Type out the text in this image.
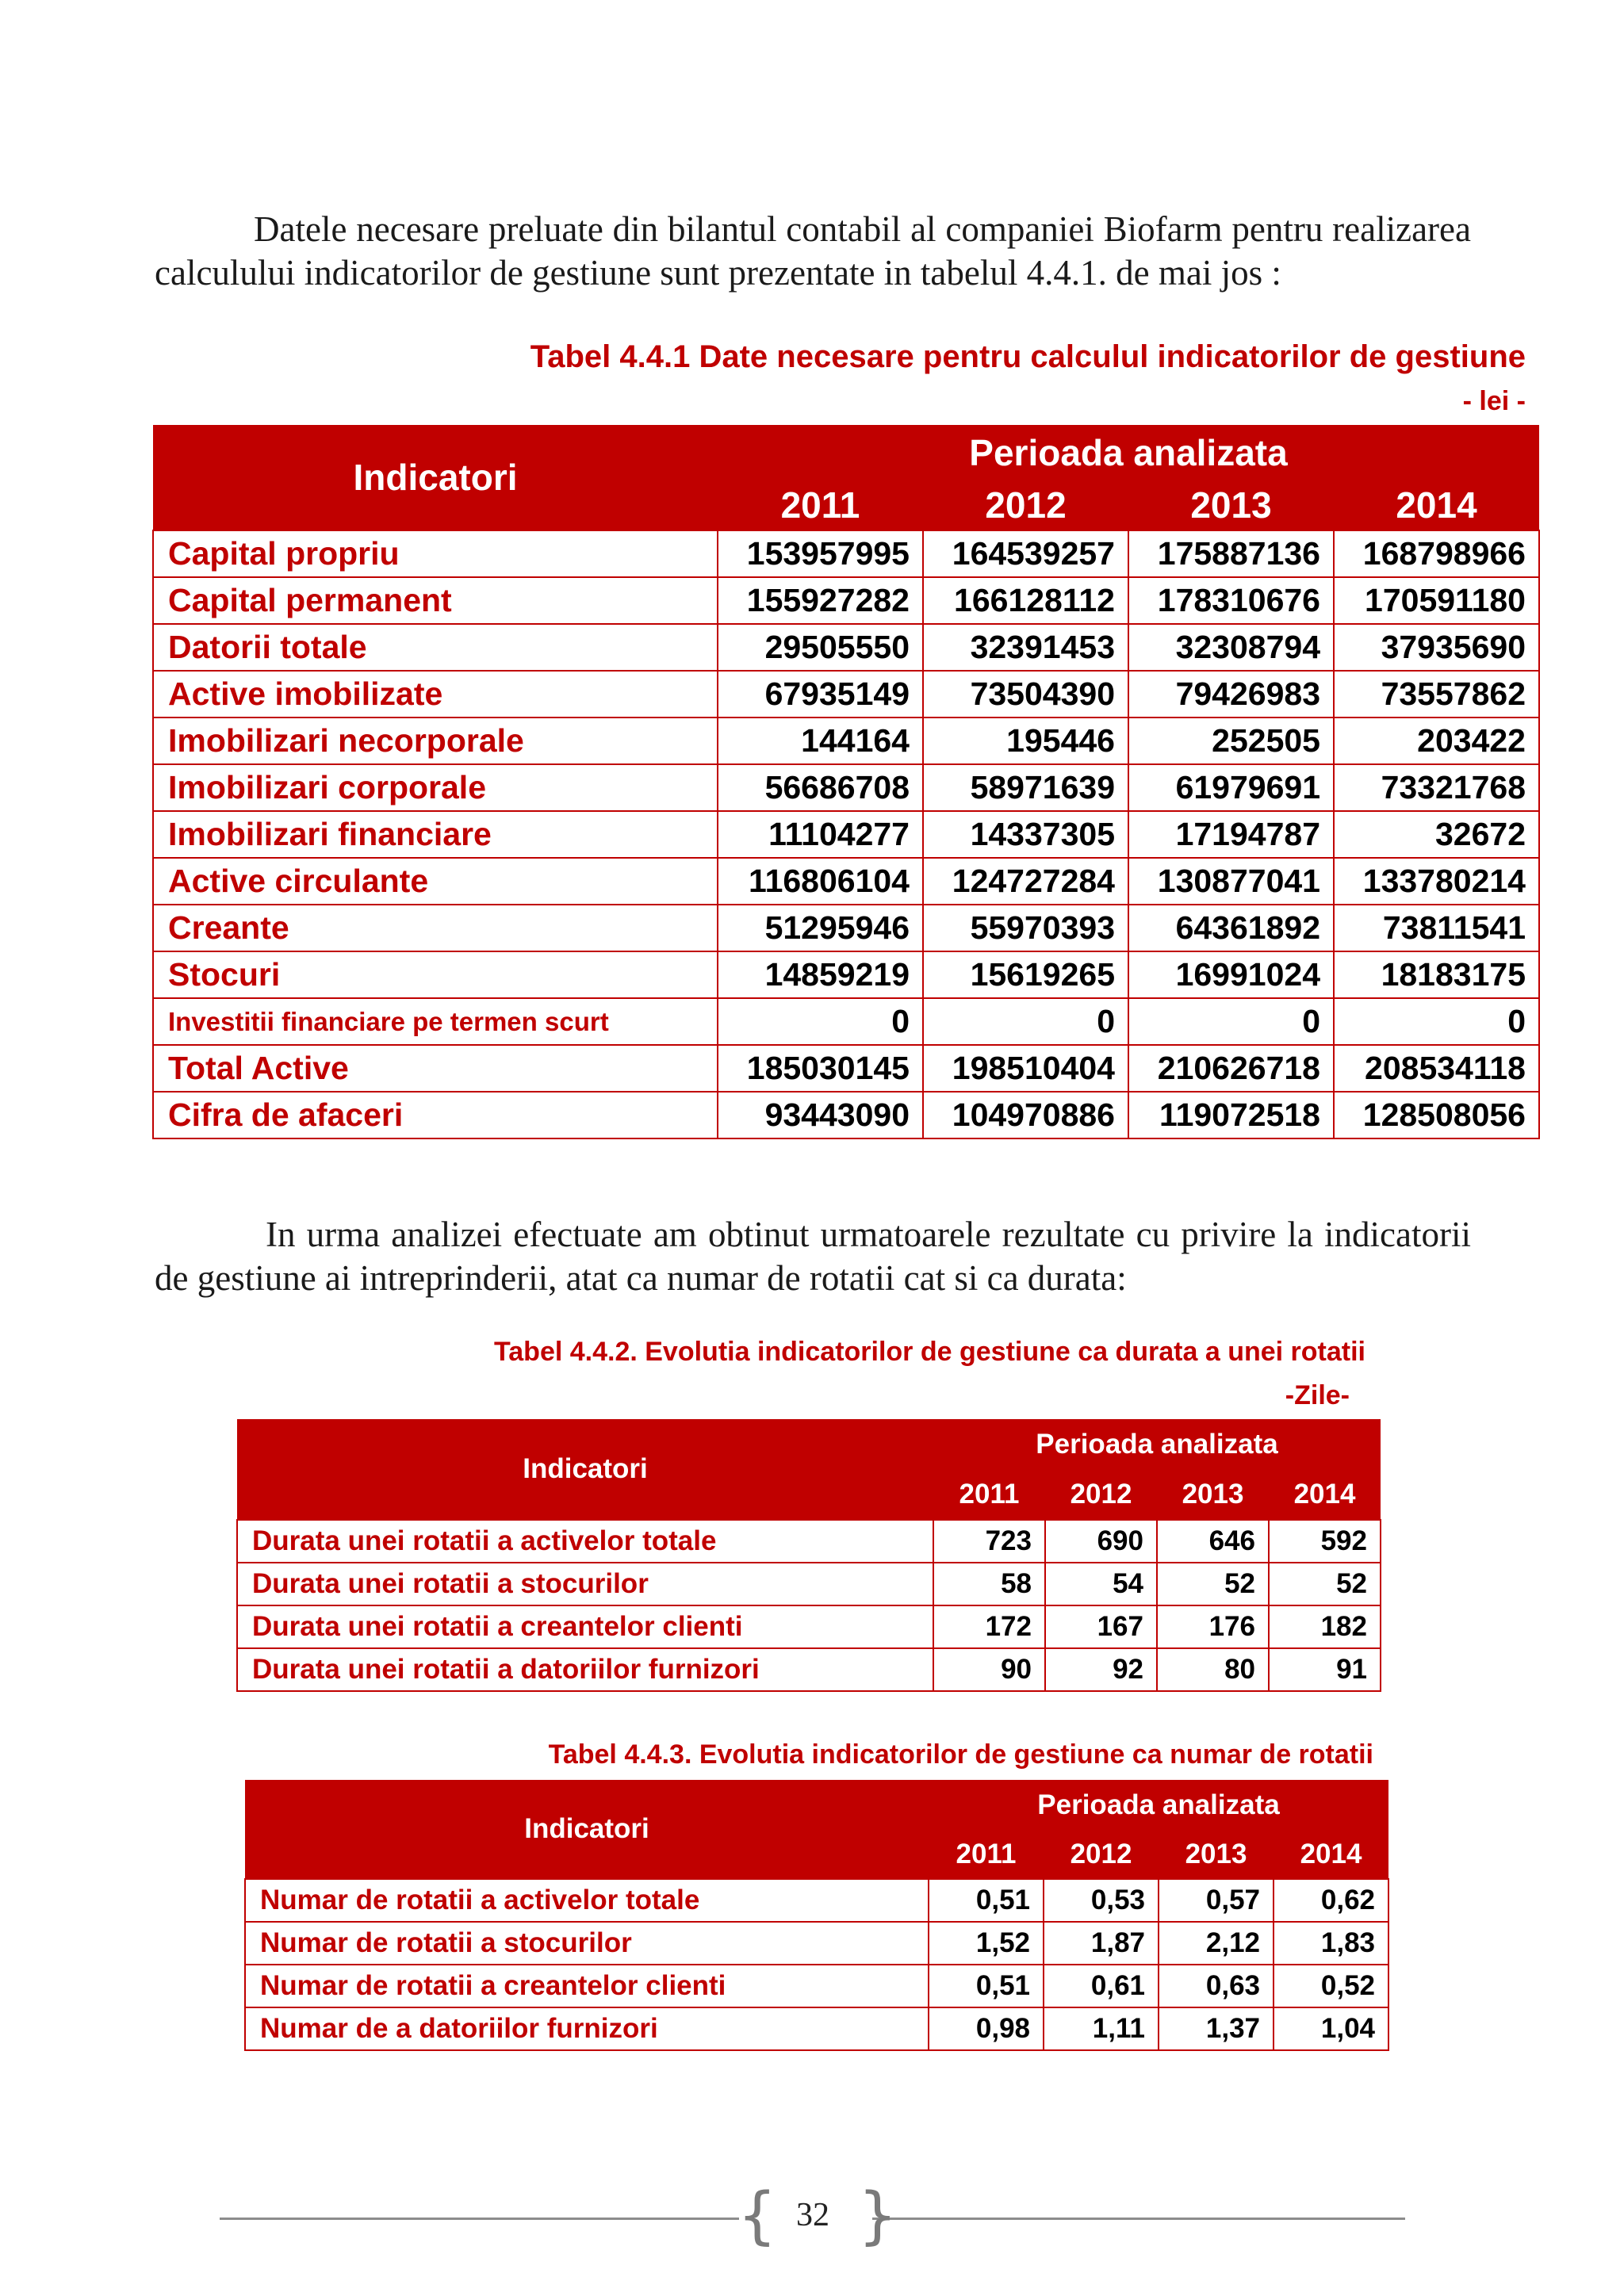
Datele necesare preluate din bilantul contabil al companiei Biofarm pentru realizarea calculului indicatorilor de gestiune sunt prezentate in tabelul 4.4.1. de mai jos :

Tabel 4.4.1 Date necesare pentru calculul indicatorilor de gestiune

- lei -

Indicatori	Perioada analizata			
	2011	2012	2013	2014
Capital propriu	153957995	164539257	175887136	168798966
Capital permanent	155927282	166128112	178310676	170591180
Datorii totale	29505550	32391453	32308794	37935690
Active imobilizate	67935149	73504390	79426983	73557862
Imobilizari necorporale	144164	195446	252505	203422
Imobilizari corporale	56686708	58971639	61979691	73321768
Imobilizari financiare	11104277	14337305	17194787	32672
Active circulante	116806104	124727284	130877041	133780214
Creante	51295946	55970393	64361892	73811541
Stocuri	14859219	15619265	16991024	18183175
Investitii financiare pe termen scurt	0	0	0	0
Total Active	185030145	198510404	210626718	208534118
Cifra de afaceri	93443090	104970886	119072518	128508056

In urma analizei efectuate am obtinut urmatoarele rezultate cu privire la indicatorii de gestiune ai intreprinderii, atat ca numar de rotatii cat si ca durata:

Tabel 4.4.2. Evolutia indicatorilor de gestiune ca durata a unei rotatii

-Zile-

Indicatori	Perioada analizata			
	2011	2012	2013	2014
Durata unei rotatii a activelor totale	723	690	646	592
Durata unei rotatii a stocurilor	58	54	52	52
Durata unei rotatii a creantelor clienti	172	167	176	182
Durata unei rotatii a datoriilor furnizori	90	92	80	91

Tabel 4.4.3. Evolutia indicatorilor de gestiune ca numar de rotatii

Indicatori	Perioada analizata			
	2011	2012	2013	2014
Numar de rotatii a activelor totale	0,51	0,53	0,57	0,62
Numar de rotatii a stocurilor	1,52	1,87	2,12	1,83
Numar de rotatii a creantelor clienti	0,51	0,61	0,63	0,52
Numar de a datoriilor furnizori	0,98	1,11	1,37	1,04
{ }
32
